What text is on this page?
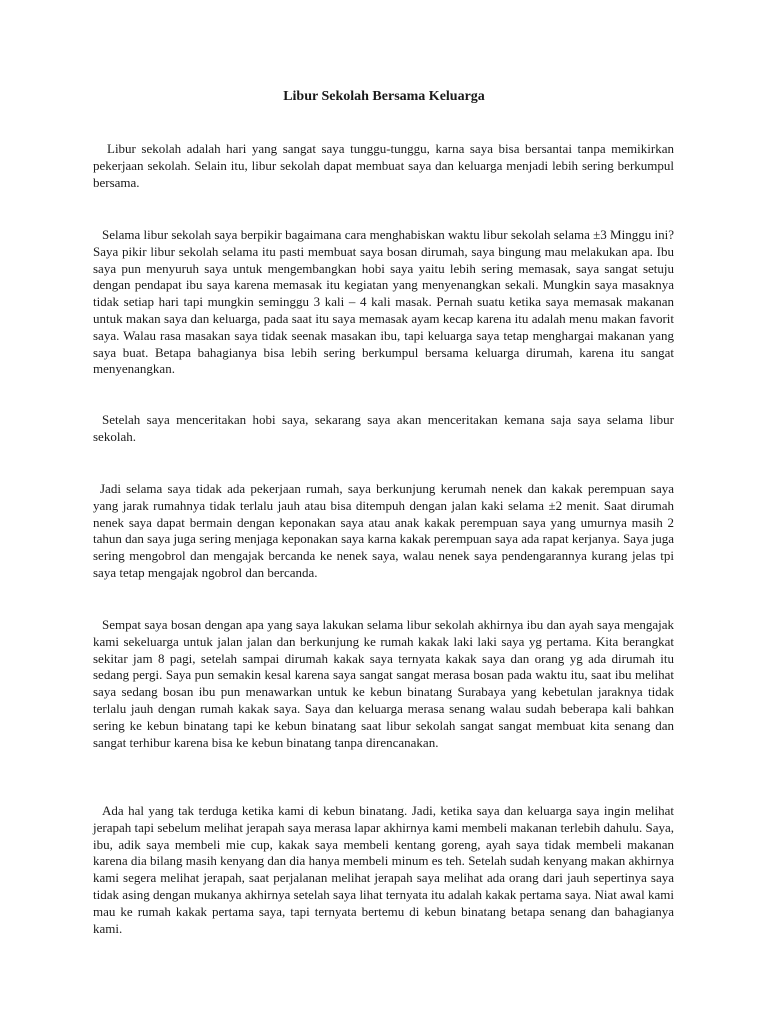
Libur Sekolah Bersama Keluarga

Libur sekolah adalah hari yang sangat saya tunggu-tunggu, karna saya bisa bersantai tanpa memikirkan pekerjaan sekolah. Selain itu, libur sekolah dapat membuat saya dan keluarga menjadi lebih sering berkumpul bersama.

Selama libur sekolah saya berpikir bagaimana cara menghabiskan waktu libur sekolah selama ±3 Minggu ini? Saya pikir libur sekolah selama itu pasti membuat saya bosan dirumah, saya bingung mau melakukan apa. Ibu saya pun menyuruh saya untuk mengembangkan hobi saya yaitu lebih sering memasak, saya sangat setuju dengan pendapat ibu saya karena memasak itu kegiatan yang menyenangkan sekali. Mungkin saya masaknya tidak setiap hari tapi mungkin seminggu 3 kali – 4 kali masak. Pernah suatu ketika saya memasak makanan untuk makan saya dan keluarga, pada saat itu saya memasak ayam kecap karena itu adalah menu makan favorit saya. Walau rasa masakan saya tidak seenak masakan ibu, tapi keluarga saya tetap menghargai makanan yang saya buat. Betapa bahagianya bisa lebih sering berkumpul bersama keluarga dirumah, karena itu sangat menyenangkan.

Setelah saya menceritakan hobi saya, sekarang saya akan menceritakan kemana saja saya selama libur sekolah.

Jadi selama saya tidak ada pekerjaan rumah, saya berkunjung kerumah nenek dan kakak perempuan saya yang jarak rumahnya tidak terlalu jauh atau bisa ditempuh dengan jalan kaki selama ±2 menit. Saat dirumah nenek saya dapat bermain dengan keponakan saya atau anak kakak perempuan saya yang umurnya masih 2 tahun dan saya juga sering menjaga keponakan saya karna kakak perempuan saya ada rapat kerjanya. Saya juga sering mengobrol dan mengajak bercanda ke nenek saya, walau nenek saya pendengarannya kurang jelas tpi saya tetap mengajak ngobrol dan bercanda.

Sempat saya bosan dengan apa yang saya lakukan selama libur sekolah akhirnya ibu dan ayah saya mengajak kami sekeluarga untuk jalan jalan dan berkunjung ke rumah kakak laki laki saya yg pertama. Kita berangkat sekitar jam 8 pagi, setelah sampai dirumah kakak saya ternyata kakak saya dan orang yg ada dirumah itu sedang pergi. Saya pun semakin kesal karena saya sangat sangat merasa bosan pada waktu itu, saat ibu melihat saya sedang bosan ibu pun menawarkan untuk ke kebun binatang Surabaya yang kebetulan jaraknya tidak terlalu jauh dengan rumah kakak saya. Saya dan keluarga merasa senang walau sudah beberapa kali bahkan sering ke kebun binatang tapi ke kebun binatang saat libur sekolah sangat sangat membuat kita senang dan sangat terhibur karena bisa ke kebun binatang tanpa direncanakan.

Ada hal yang tak terduga ketika kami di kebun binatang. Jadi, ketika saya dan keluarga saya ingin melihat jerapah tapi sebelum melihat jerapah saya merasa lapar akhirnya kami membeli makanan terlebih dahulu. Saya, ibu, adik saya membeli mie cup, kakak saya membeli kentang goreng, ayah saya tidak membeli makanan karena dia bilang masih kenyang dan dia hanya membeli minum es teh. Setelah sudah kenyang makan akhirnya kami segera melihat jerapah, saat perjalanan melihat jerapah saya melihat ada orang dari jauh sepertinya saya tidak asing dengan mukanya akhirnya setelah saya lihat ternyata itu adalah kakak pertama saya. Niat awal kami mau ke rumah kakak pertama saya, tapi ternyata bertemu di kebun binatang betapa senang dan bahagianya kami.
